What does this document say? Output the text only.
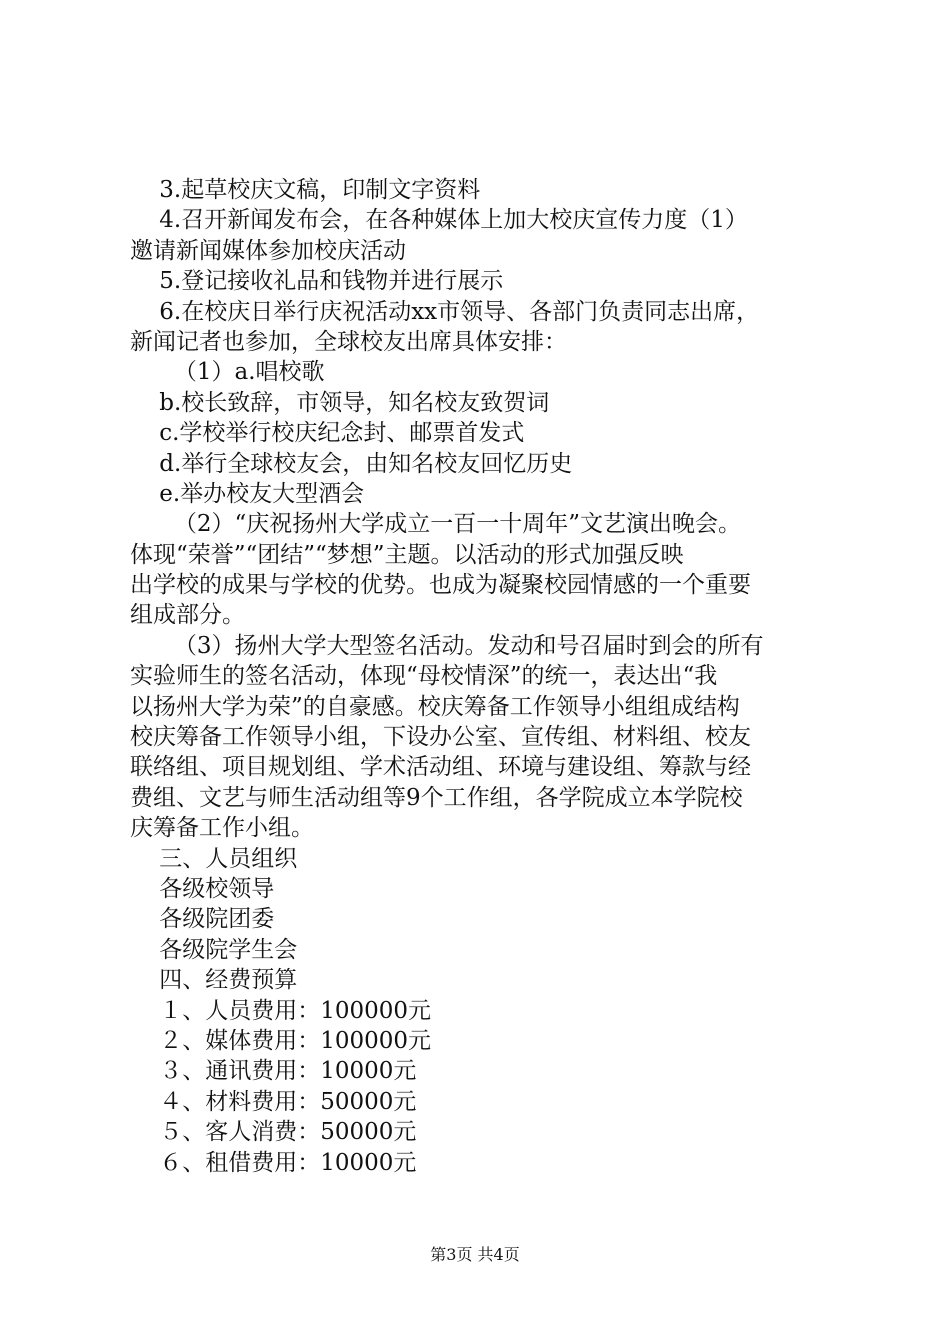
3.起草校庆文稿，印制文字资料
4.召开新闻发布会，在各种媒体上加大校庆宣传力度（1）
邀请新闻媒体参加校庆活动
5.登记接收礼品和钱物并进行展示
6.在校庆日举行庆祝活动xx市领导、各部门负责同志出席，
新闻记者也参加，全球校友出席具体安排：
（1）a.唱校歌
b.校长致辞，市领导，知名校友致贺词
c.学校举行校庆纪念封、邮票首发式
d.举行全球校友会，由知名校友回忆历史
e.举办校友大型酒会
（2）“庆祝扬州大学成立一百一十周年”文艺演出晚会。
体现“荣誉”“团结”“梦想”主题。以活动的形式加强反映
出学校的成果与学校的优势。也成为凝聚校园情感的一个重要
组成部分。
（3）扬州大学大型签名活动。发动和号召届时到会的所有
实验师生的签名活动，体现“母校情深”的统一，表达出“我
以扬州大学为荣”的自豪感。校庆筹备工作领导小组组成结构
校庆筹备工作领导小组，下设办公室、宣传组、材料组、校友
联络组、项目规划组、学术活动组、环境与建设组、筹款与经
费组、文艺与师生活动组等9个工作组，各学院成立本学院校
庆筹备工作小组。
三、人员组织
各级校领导
各级院团委
各级院学生会
四、经费预算
１、人员费用：100000元
２、媒体费用：100000元
３、通讯费用：10000元
４、材料费用：50000元
５、客人消费：50000元
６、租借费用：10000元
第3页 共4页
